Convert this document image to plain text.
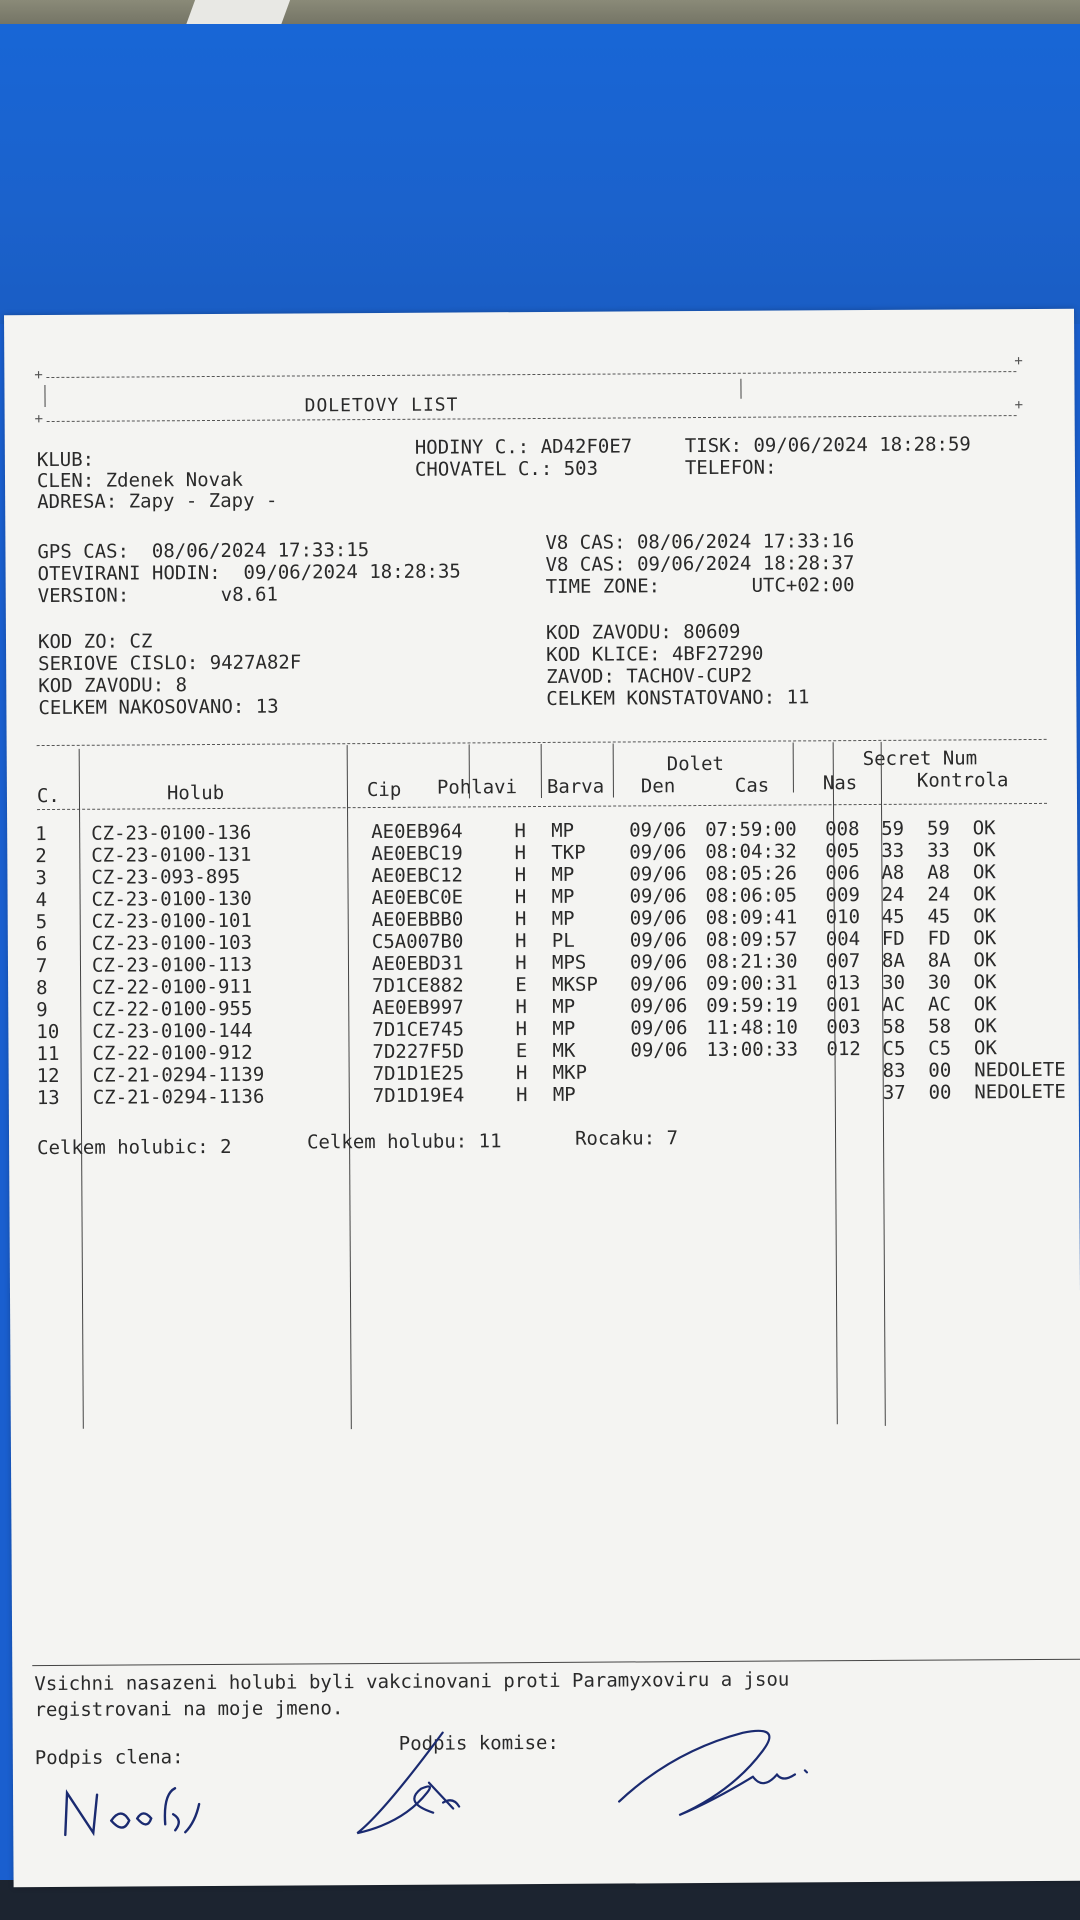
+
+
DOLETOVY LIST
+
+
KLUB:
CLEN: Zdenek Novak
ADRESA: Zapy - Zapy -
HODINY C.: AD42F0E7
CHOVATEL C.: 503
TISK: 09/06/2024 18:28:59
TELEFON:
GPS CAS:  08/06/2024 17:33:15
OTEVIRANI HODIN:  09/06/2024 18:28:35
VERSION:        v8.61
V8 CAS: 08/06/2024 17:33:16
V8 CAS: 09/06/2024 18:28:37
TIME ZONE:        UTC+02:00
KOD ZO: CZ
SERIOVE CISLO: 9427A82F
KOD ZAVODU: 8
CELKEM NAKOSOVANO: 13
KOD ZAVODU: 80609
KOD KLICE: 4BF27290
ZAVOD: TACHOV-CUP2
CELKEM KONSTATOVANO: 11
C.	Holub	Cip Pohlavi Barva
Dolet
Den	Cas	Nas
Secret Num
Kontrola
1	CZ-23-0100-136	AE0EB964	H	MP	09/06	07:59:00	008	59  59  OK
2	CZ-23-0100-131	AE0EBC19	H	TKP	09/06	08:04:32	005	33  33  OK
3	CZ-23-093-895	AE0EBC12	H	MP	09/06	08:05:26	006	A8  A8  OK
4	CZ-23-0100-130	AE0EBC0E	H	MP	09/06	08:06:05	009	24  24  OK
5	CZ-23-0100-101	AE0EBBB0	H	MP	09/06	08:09:41	010	45  45  OK
6	CZ-23-0100-103	C5A007B0	H	PL	09/06	08:09:57	004	FD  FD  OK
7	CZ-23-0100-113	AE0EBD31	H	MPS	09/06	08:21:30	007	8A  8A  OK
8	CZ-22-0100-911	7D1CE882	E	MKSP	09/06	09:00:31	013	30  30  OK
9	CZ-22-0100-955	AE0EB997	H	MP	09/06	09:59:19	001	AC  AC  OK
10	CZ-23-0100-144	7D1CE745	H	MP	09/06	11:48:10	003	58  58  OK
11	CZ-22-0100-912	7D227F5D	E	MK	09/06	13:00:33	012	C5  C5  OK
12	CZ-21-0294-1139	7D1D1E25	H	MKP				83  00  NEDOLETE
13	CZ-21-0294-1136	7D1D19E4	H	MP				37  00  NEDOLETE
Celkem holubic: 2	Celkem holubu: 11	Rocaku: 7
Vsichni nasazeni holubi byli vakcinovani proti Paramyxoviru a jsou
registrovani na moje jmeno.
Podpis clena:
Podpis komise:
